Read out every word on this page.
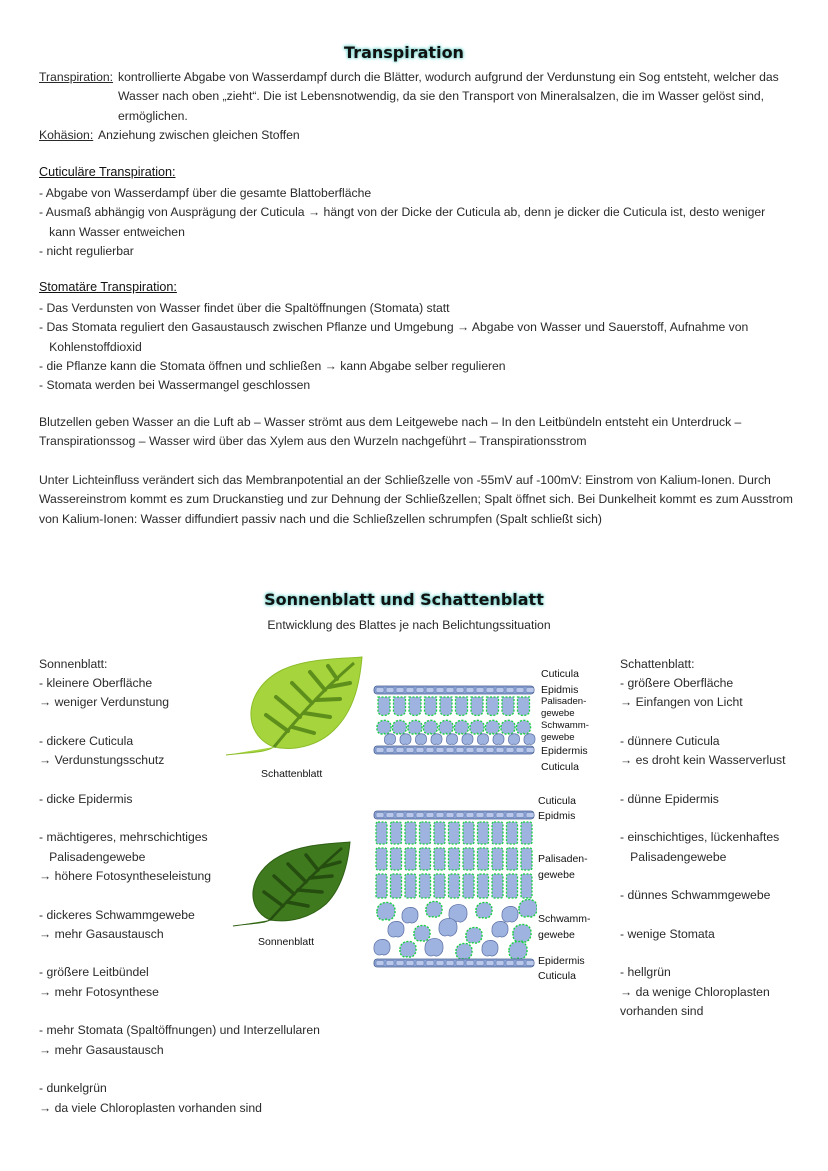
Transpiration
Transpiration: kontrollierte Abgabe von Wasserdampf durch die Blätter, wodurch aufgrund der Verdunstung ein Sog entsteht, welcher das
Wasser nach oben „zieht“. Die ist Lebensnotwendig, da sie den Transport von Mineralsalzen, die im Wasser gelöst sind,
ermöglichen.
Kohäsion: Anziehung zwischen gleichen Stoffen
Cuticuläre Transpiration:
- Abgabe von Wasserdampf über die gesamte Blattoberfläche
- Ausmaß abhängig von Ausprägung der Cuticula → hängt von der Dicke der Cuticula ab, denn je dicker die Cuticula ist, desto weniger
kann Wasser entweichen
- nicht regulierbar
Stomatäre Transpiration:
- Das Verdunsten von Wasser findet über die Spaltöffnungen (Stomata) statt
- Das Stomata reguliert den Gasaustausch zwischen Pflanze und Umgebung → Abgabe von Wasser und Sauerstoff, Aufnahme von
Kohlenstoffdioxid
- die Pflanze kann die Stomata öffnen und schließen → kann Abgabe selber regulieren
- Stomata werden bei Wassermangel geschlossen
Blutzellen geben Wasser an die Luft ab – Wasser strömt aus dem Leitgewebe nach – In den Leitbündeln entsteht ein Unterdruck –
Transpirationssog – Wasser wird über das Xylem aus den Wurzeln nachgeführt – Transpirationsstrom
Unter Lichteinfluss verändert sich das Membranpotential an der Schließzelle von -55mV auf -100mV: Einstrom von Kalium-Ionen. Durch
Wassereinstrom kommt es zum Druckanstieg und zur Dehnung der Schließzellen; Spalt öffnet sich. Bei Dunkelheit kommt es zum Ausstrom
von Kalium-Ionen: Wasser diffundiert passiv nach und die Schließzellen schrumpfen (Spalt schließt sich)
Sonnenblatt und Schattenblatt
Entwicklung des Blattes je nach Belichtungssituation
Sonnenblatt:
- kleinere Oberfläche
→ weniger Verdunstung
- dickere Cuticula
→ Verdunstungsschutz
- dicke Epidermis
- mächtigeres, mehrschichtiges
Palisadengewebe
→ höhere Fotosyntheseleistung
- dickeres Schwammgewebe
→ mehr Gasaustausch
- größere Leitbündel
→ mehr Fotosynthese
- mehr Stomata (Spaltöffnungen) und Interzellularen
→ mehr Gasaustausch
- dunkelgrün
→ da viele Chloroplasten vorhanden sind
Schattenblatt:
- größere Oberfläche
→ Einfangen von Licht
- dünnere Cuticula
→ es droht kein Wasserverlust
- dünne Epidermis
- einschichtiges, lückenhaftes
Palisadengewebe
- dünnes Schwammgewebe
- wenige Stomata
- hellgrün
→ da wenige Chloroplasten
vorhanden sind
Schattenblatt
Sonnenblatt
Cuticula
Epidmis
Palisaden-
gewebe
Schwamm-
gewebe
Epidermis
Cuticula
Cuticula
Epidmis
Palisaden-
gewebe
Schwamm-
gewebe
Epidermis
Cuticula
